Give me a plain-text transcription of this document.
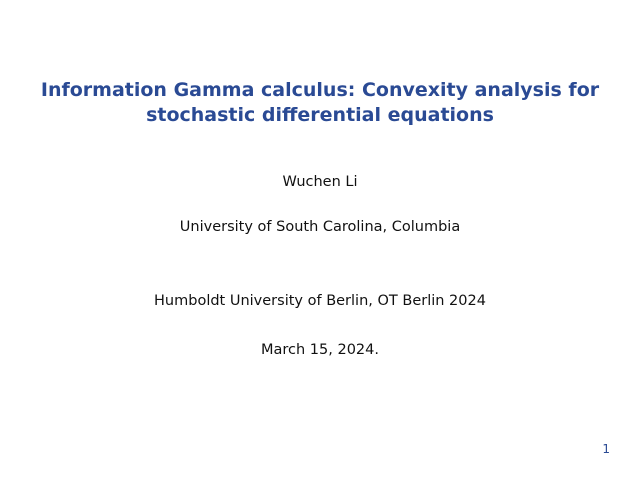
Information Gamma calculus: Convexity analysis for
stochastic differential equations
Wuchen Li
University of South Carolina, Columbia
Humboldt University of Berlin, OT Berlin 2024
March 15, 2024.
1
